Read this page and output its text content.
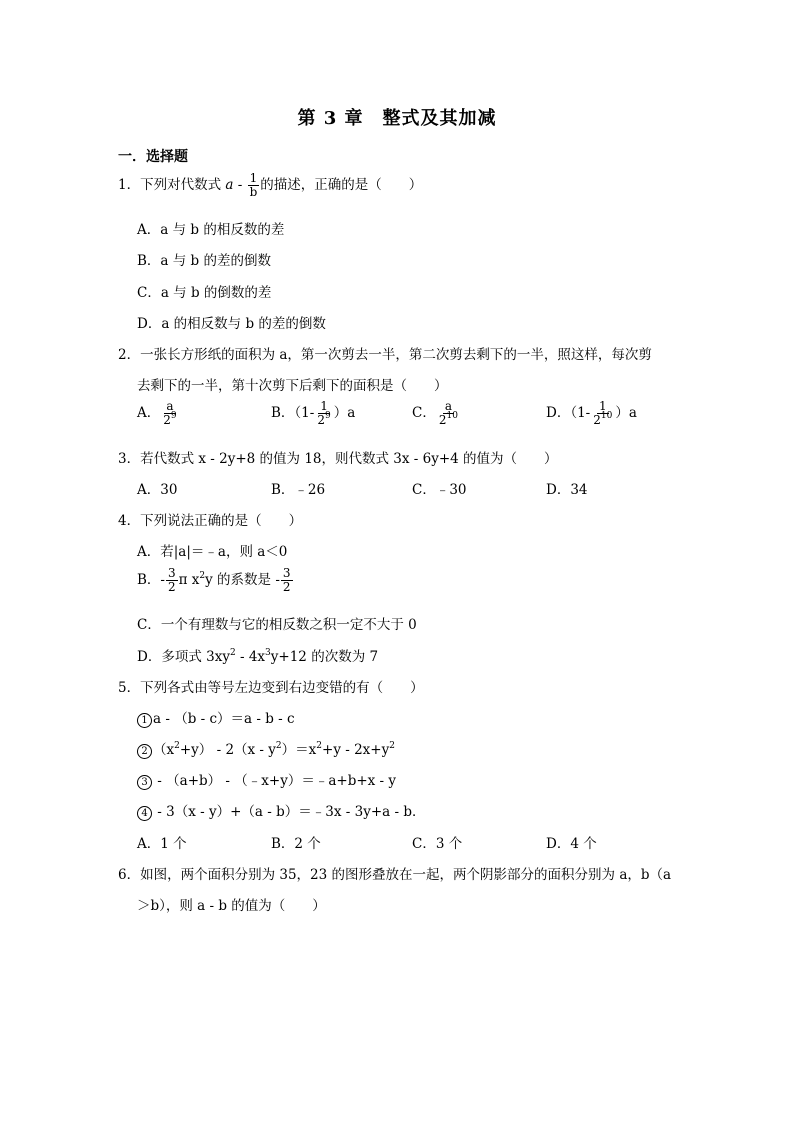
第 3 章　整式及其加减
一．选择题
1．下列对代数式 a - $\frac{1}{b}$ 的描述，正确的是（　　）
A．a 与 b 的相反数的差
B．a 与 b 的差的倒数
C．a 与 b 的倒数的差
D．a 的相反数与 b 的差的倒数
2．一张长方形纸的面积为 a，第一次剪去一半，第二次剪去剩下的一半，照这样，每次剪
去剩下的一半，第十次剪下后剩下的面积是（　　）
A． $\frac{a}{2^9}$	B．$(1- \frac{1}{2^9} )a$	C． $\frac{a}{2^{10}}$	D．$(1- \frac{1}{2^{10}} )a$
3．若代数式 x - 2y+8 的值为 18，则代数式 3x - 6y+4 的值为（　　）
A．30	B．﹣26	C．﹣30	D．34
4．下列说法正确的是（　　）
A．若|a|＝﹣a，则 a＜0
B．- $\frac{3}{2}$ π $x^2y$ 的系数是 - $\frac{3}{2}$
C．一个有理数与它的相反数之积一定不大于 0
D．多项式 $3xy^2 - 4x^3y+12$ 的次数为 7
5．下列各式由等号左边变到右边变错的有（　　）
1 a - （b - c）＝a - b - c
2 $(x^2+y) - 2(x - y^2)=x^2+y - 2x+y^2$
3 - （a+b） - （﹣x+y）＝﹣a+b+x - y
4 - 3（x - y）+（a - b）＝﹣3x - 3y+a - b．
A．1 个	B．2 个	C．3 个	D．4 个
6．如图，两个面积分别为 35，23 的图形叠放在一起，两个阴影部分的面积分别为 a，b（a
＞b），则 a - b 的值为（　　）
